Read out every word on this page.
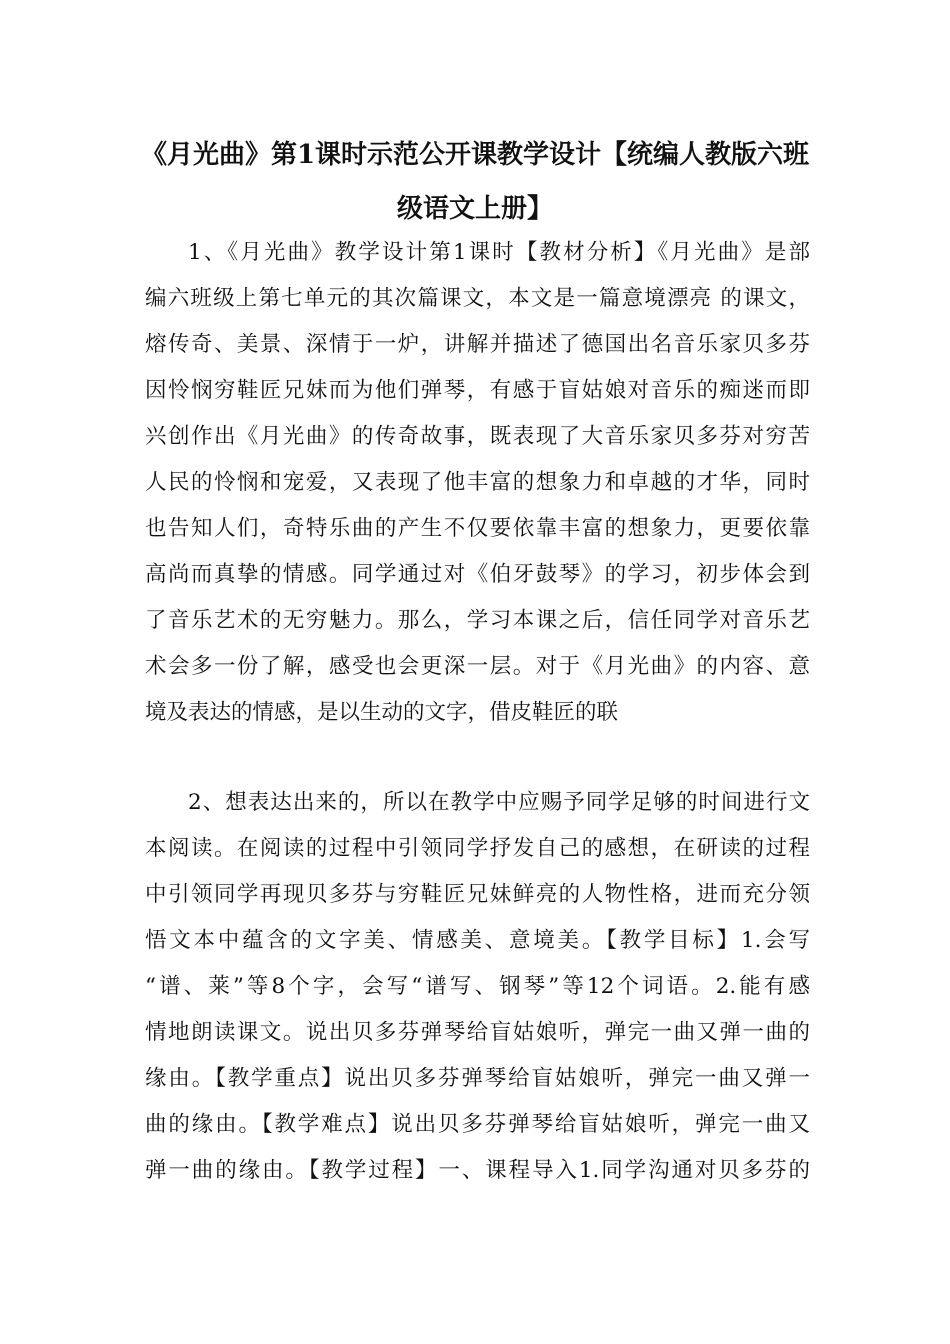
《月光曲》第1课时示范公开课教学设计【统编人教版六班
级语文上册】
1、《月光曲》教学设计第1课时【教材分析】《月光曲》是部
编六班级上第七单元的其次篇课文，本文是一篇意境漂亮 的课文，
熔传奇、美景、深情于一炉，讲解并描述了德国出名音乐家贝多芬
因怜悯穷鞋匠兄妹而为他们弹琴，有感于盲姑娘对音乐的痴迷而即
兴创作出《月光曲》的传奇故事，既表现了大音乐家贝多芬对穷苦
人民的怜悯和宠爱，又表现了他丰富的想象力和卓越的才华，同时
也告知人们，奇特乐曲的产生不仅要依靠丰富的想象力，更要依靠
高尚而真挚的情感。同学通过对《伯牙鼓琴》的学习，初步体会到
了音乐艺术的无穷魅力。那么，学习本课之后，信任同学对音乐艺
术会多一份了解，感受也会更深一层。对于《月光曲》的内容、意
境及表达的情感，是以生动的文字，借皮鞋匠的联
2、想表达出来的，所以在教学中应赐予同学足够的时间进行文
本阅读。在阅读的过程中引领同学抒发自己的感想，在研读的过程
中引领同学再现贝多芬与穷鞋匠兄妹鲜亮的人物性格，进而充分领
悟文本中蕴含的文字美、情感美、意境美。【教学目标】1.会写
“谱、莱”等8个字，会写“谱写、钢琴”等12个词语。2.能有感
情地朗读课文。说出贝多芬弹琴给盲姑娘听，弹完一曲又弹一曲的
缘由。【教学重点】说出贝多芬弹琴给盲姑娘听，弹完一曲又弹一
曲的缘由。【教学难点】说出贝多芬弹琴给盲姑娘听，弹完一曲又
弹一曲的缘由。【教学过程】一、课程导入1.同学沟通对贝多芬的
